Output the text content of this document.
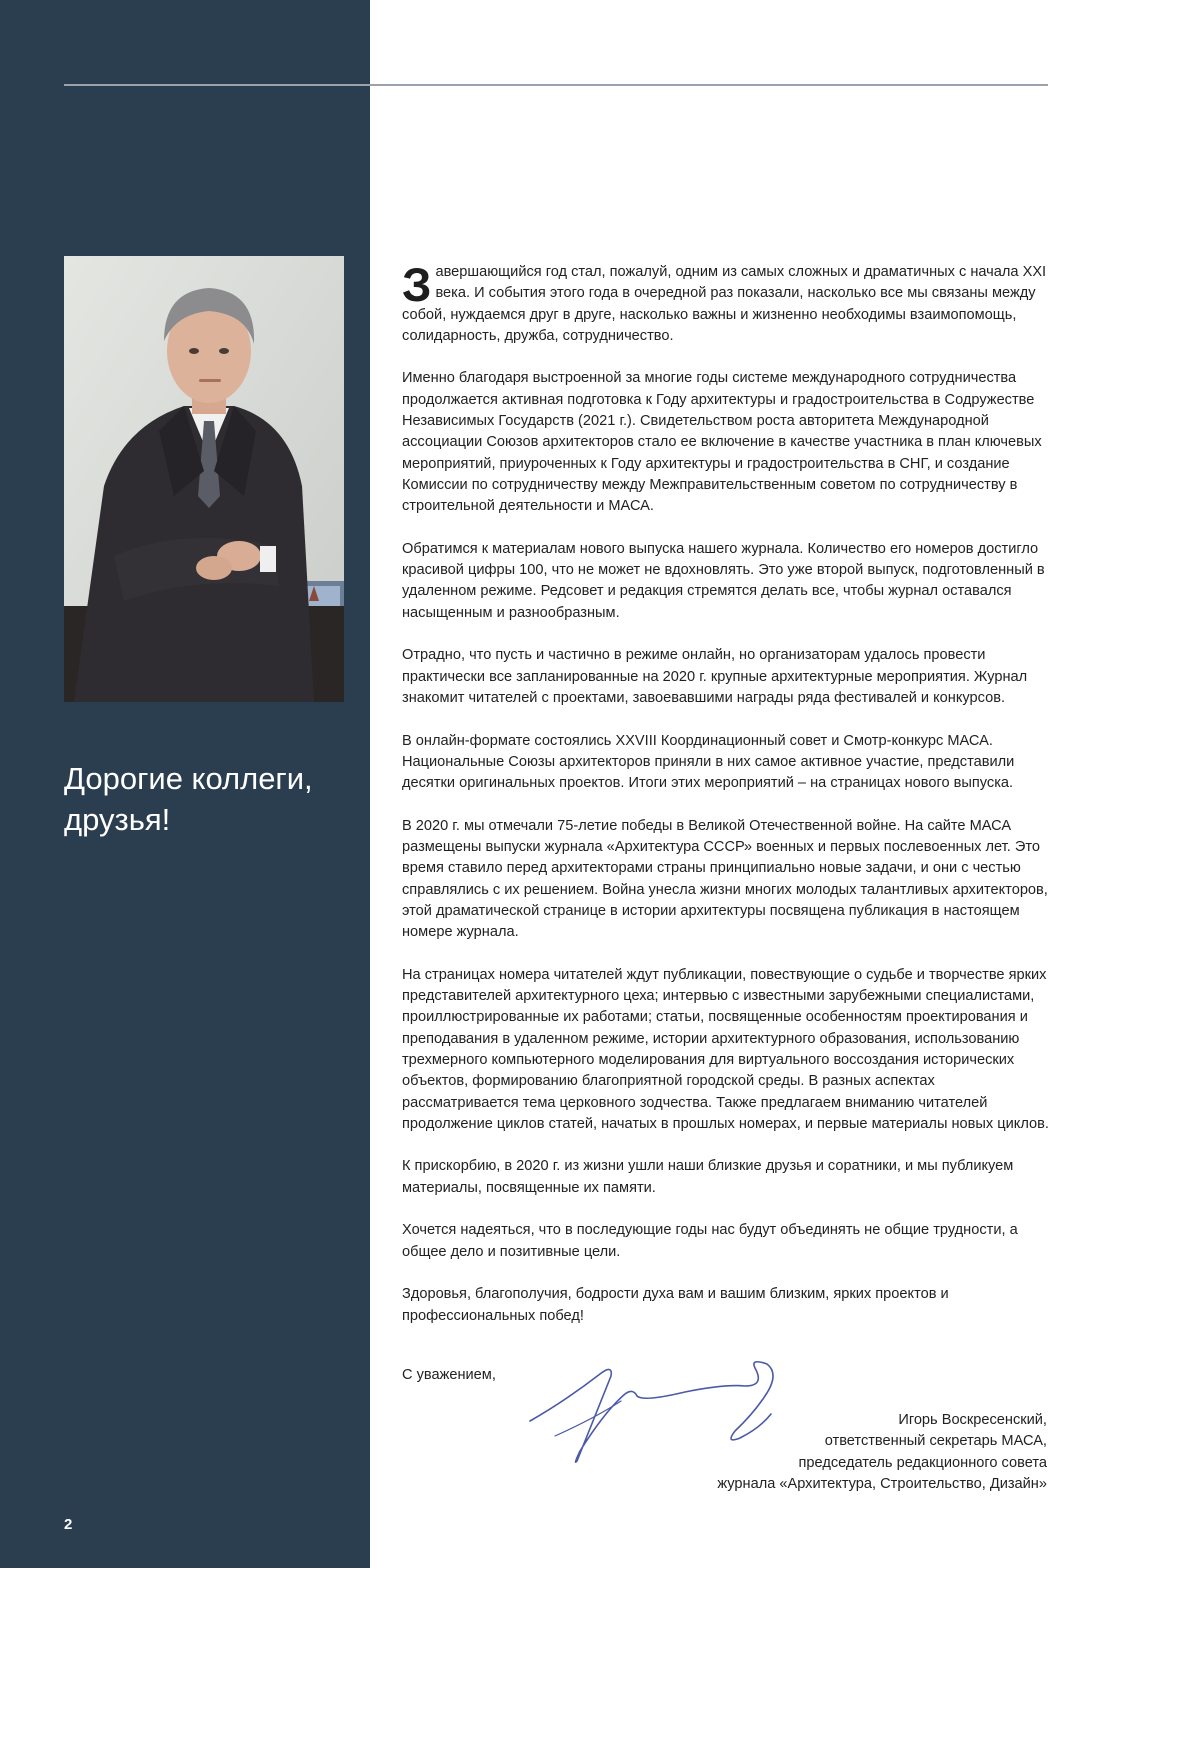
Дорогие коллеги,
друзья!
2

Завершающийся год стал, пожалуй, одним из самых сложных и драматичных с начала XXI века. И события этого года в очередной раз показали, насколько все мы связаны между собой, нуждаемся друг в друге, насколько важны и жизненно необходимы взаимопомощь, солидарность, дружба, сотрудничество.

Именно благодаря выстроенной за многие годы системе международного сотрудничества продолжается активная подготовка к Году архитектуры и градостроительства в Содружестве Независимых Государств (2021 г.). Свидетельством роста авторитета Международной ассоциации Союзов архитекторов стало ее включение в качестве участника в план ключевых мероприятий, приуроченных к Году архитектуры и градостроительства в СНГ, и создание Комиссии по сотрудничеству между Межправительственным советом по сотрудничеству в строительной деятельности и МАСА.

Обратимся к материалам нового выпуска нашего журнала. Количество его номеров достигло красивой цифры 100, что не может не вдохновлять. Это уже второй выпуск, подготовленный в удаленном режиме. Редсовет и редакция стремятся делать все, чтобы журнал оставался насыщенным и разнообразным.

Отрадно, что пусть и частично в режиме онлайн, но организаторам удалось провести практически все запланированные на 2020 г. крупные архитектурные мероприятия. Журнал знакомит читателей с проектами, завоевавшими награды ряда фестивалей и конкурсов.

В онлайн-формате состоялись XXVIII Координационный совет и Смотр-конкурс МАСА. Национальные Союзы архитекторов приняли в них самое активное участие, представили десятки оригинальных проектов. Итоги этих мероприятий – на страницах нового выпуска.

В 2020 г. мы отмечали 75-летие победы в Великой Отечественной войне. На сайте МАСА размещены выпуски журнала «Архитектура СССР» военных и первых послевоенных лет. Это время ставило перед архитекторами страны принципиально новые задачи, и они с честью справлялись с их решением. Война унесла жизни многих молодых талантливых архитекторов, этой драматической странице в истории архитектуры посвящена публикация в настоящем номере журнала.

На страницах номера читателей ждут публикации, повествующие о судьбе и творчестве ярких представителей архитектурного цеха; интервью с известными зарубежными специалистами, проиллюстрированные их работами; статьи, посвященные особенностям проектирования и преподавания в удаленном режиме, истории архитектурного образования, использованию трехмерного компьютерного моделирования для виртуального воссоздания исторических объектов, формированию благоприятной городской среды. В разных аспектах рассматривается тема церковного зодчества. Также предлагаем вниманию читателей продолжение циклов статей, начатых в прошлых номерах, и первые материалы новых циклов.

К прискорбию, в 2020 г. из жизни ушли наши близкие друзья и соратники, и мы публикуем материалы, посвященные их памяти.

Хочется надеяться, что в последующие годы нас будут объединять не общие трудности, а общее дело и позитивные цели.

Здоровья, благополучия, бодрости духа вам и вашим близким, ярких проектов и профессиональных побед!

С уважением,
Игорь Воскресенский,
ответственный секретарь МАСА,
председатель редакционного совета
журнала «Архитектура, Строительство, Дизайн»
